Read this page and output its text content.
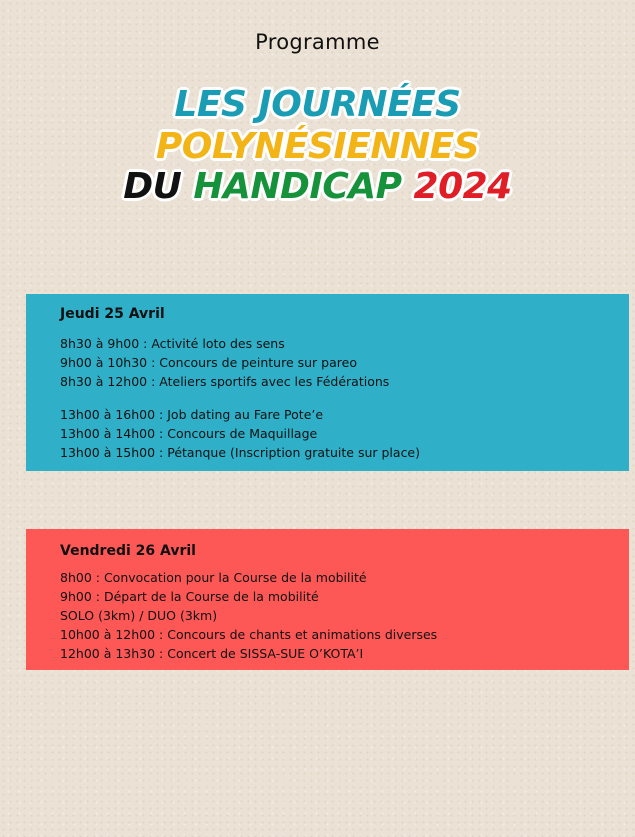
Programme
LES JOURNÉES
POLYNÉSIENNES
DU HANDICAP 2024
Jeudi 25 Avril
8h30 à 9h00 : Activité loto des sens
9h00 à 10h30 : Concours de peinture sur pareo
8h30 à 12h00 : Ateliers sportifs avec les Fédérations
13h00 à 16h00 : Job dating au Fare Pote’e
13h00 à 14h00 : Concours de Maquillage
13h00 à 15h00 : Pétanque (Inscription gratuite sur place)
Vendredi 26 Avril
8h00 : Convocation pour la Course de la mobilité
9h00 : Départ de la Course de la mobilité
SOLO (3km) / DUO (3km)
10h00 à 12h00 : Concours de chants et animations diverses
12h00 à 13h30 : Concert de SISSA-SUE O’KOTA’I
